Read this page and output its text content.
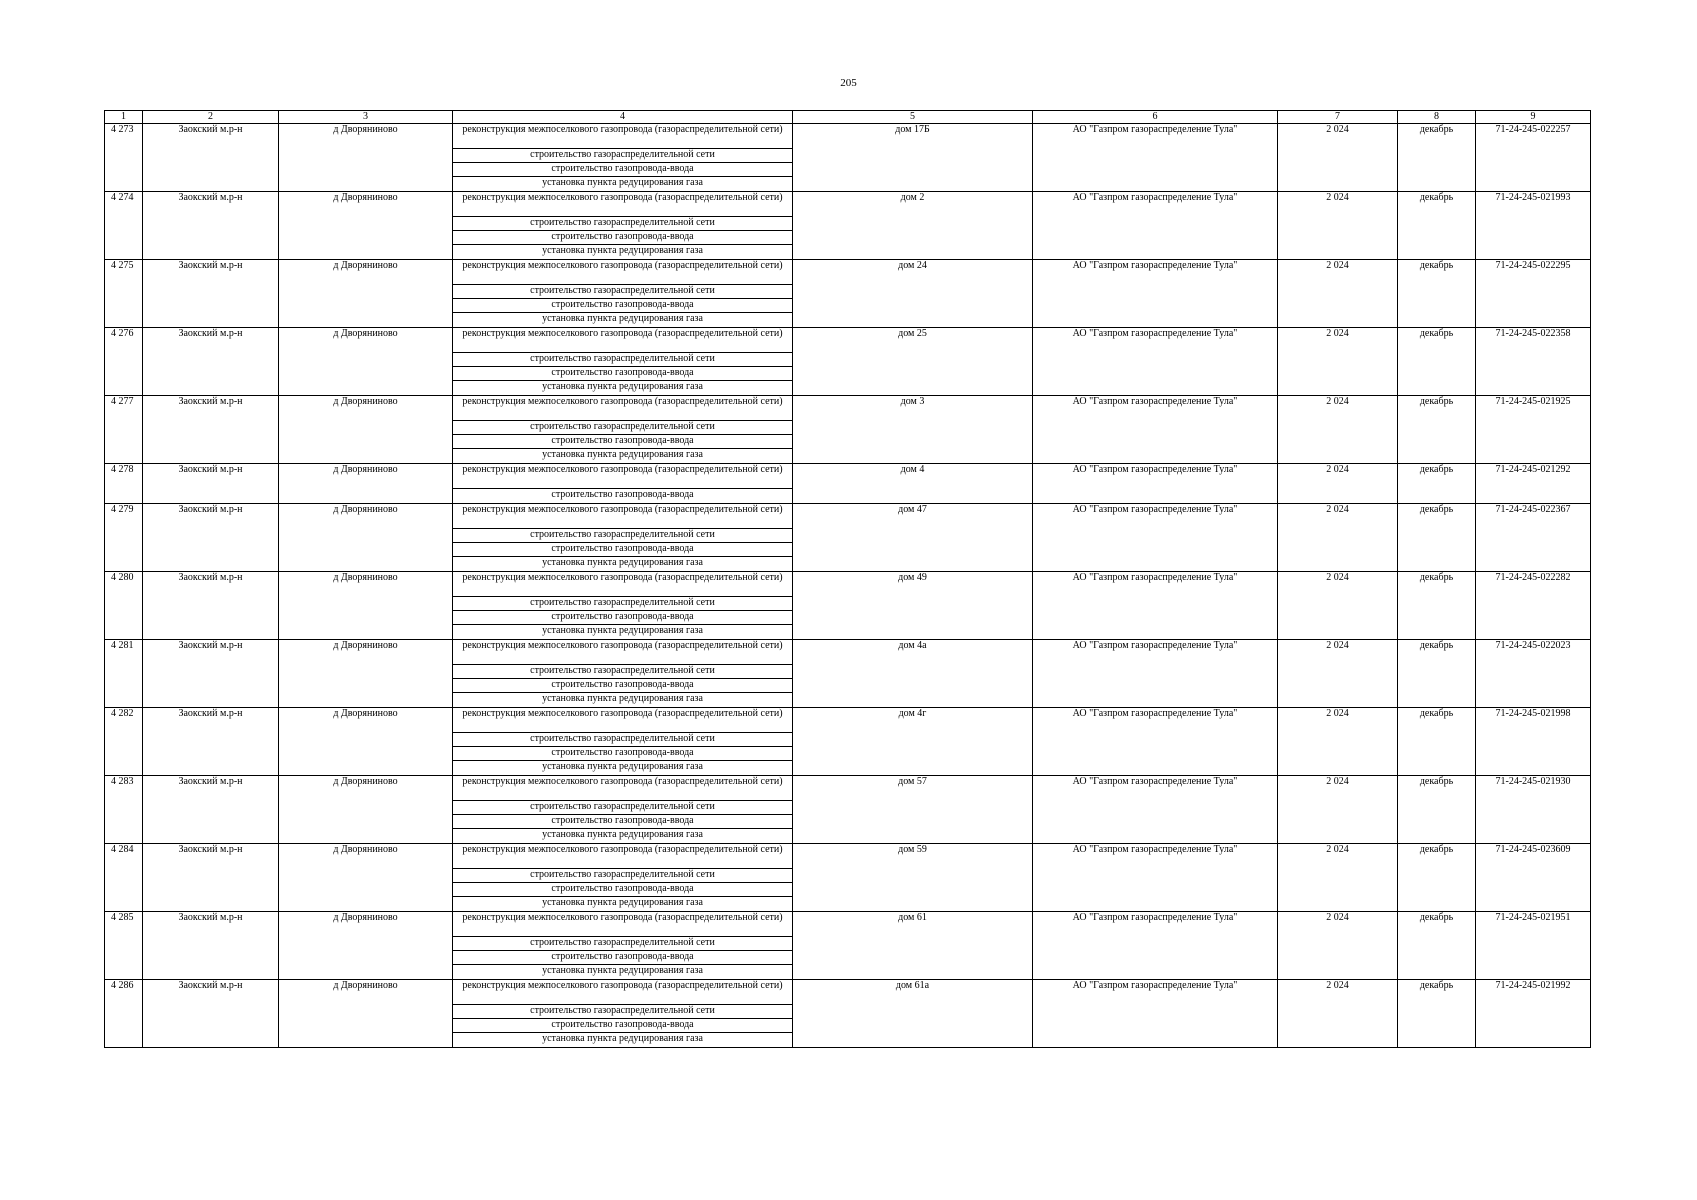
205
1	2	3	4	5	6	7	8	9
4 273	Заокский м.р-н	д Дворяниново	реконструкция межпоселкового газопровода (газораспределительной сети)
строительство газораспределительной сети
строительство газопровода-ввода
установка пункта редуцирования газа	дом 17Б	АО "Газпром газораспределение Тула"	2 024	декабрь	71-24-245-022257
4 274	Заокский м.р-н	д Дворяниново	реконструкция межпоселкового газопровода (газораспределительной сети)
строительство газораспределительной сети
строительство газопровода-ввода
установка пункта редуцирования газа	дом 2	АО "Газпром газораспределение Тула"	2 024	декабрь	71-24-245-021993
4 275	Заокский м.р-н	д Дворяниново	реконструкция межпоселкового газопровода (газораспределительной сети)
строительство газораспределительной сети
строительство газопровода-ввода
установка пункта редуцирования газа	дом 24	АО "Газпром газораспределение Тула"	2 024	декабрь	71-24-245-022295
4 276	Заокский м.р-н	д Дворяниново	реконструкция межпоселкового газопровода (газораспределительной сети)
строительство газораспределительной сети
строительство газопровода-ввода
установка пункта редуцирования газа	дом 25	АО "Газпром газораспределение Тула"	2 024	декабрь	71-24-245-022358
4 277	Заокский м.р-н	д Дворяниново	реконструкция межпоселкового газопровода (газораспределительной сети)
строительство газораспределительной сети
строительство газопровода-ввода
установка пункта редуцирования газа	дом 3	АО "Газпром газораспределение Тула"	2 024	декабрь	71-24-245-021925
4 278	Заокский м.р-н	д Дворяниново	реконструкция межпоселкового газопровода (газораспределительной сети)
строительство газопровода-ввода	дом 4	АО "Газпром газораспределение Тула"	2 024	декабрь	71-24-245-021292
4 279	Заокский м.р-н	д Дворяниново	реконструкция межпоселкового газопровода (газораспределительной сети)
строительство газораспределительной сети
строительство газопровода-ввода
установка пункта редуцирования газа	дом 47	АО "Газпром газораспределение Тула"	2 024	декабрь	71-24-245-022367
4 280	Заокский м.р-н	д Дворяниново	реконструкция межпоселкового газопровода (газораспределительной сети)
строительство газораспределительной сети
строительство газопровода-ввода
установка пункта редуцирования газа	дом 49	АО "Газпром газораспределение Тула"	2 024	декабрь	71-24-245-022282
4 281	Заокский м.р-н	д Дворяниново	реконструкция межпоселкового газопровода (газораспределительной сети)
строительство газораспределительной сети
строительство газопровода-ввода
установка пункта редуцирования газа	дом 4а	АО "Газпром газораспределение Тула"	2 024	декабрь	71-24-245-022023
4 282	Заокский м.р-н	д Дворяниново	реконструкция межпоселкового газопровода (газораспределительной сети)
строительство газораспределительной сети
строительство газопровода-ввода
установка пункта редуцирования газа	дом 4г	АО "Газпром газораспределение Тула"	2 024	декабрь	71-24-245-021998
4 283	Заокский м.р-н	д Дворяниново	реконструкция межпоселкового газопровода (газораспределительной сети)
строительство газораспределительной сети
строительство газопровода-ввода
установка пункта редуцирования газа	дом 57	АО "Газпром газораспределение Тула"	2 024	декабрь	71-24-245-021930
4 284	Заокский м.р-н	д Дворяниново	реконструкция межпоселкового газопровода (газораспределительной сети)
строительство газораспределительной сети
строительство газопровода-ввода
установка пункта редуцирования газа	дом 59	АО "Газпром газораспределение Тула"	2 024	декабрь	71-24-245-023609
4 285	Заокский м.р-н	д Дворяниново	реконструкция межпоселкового газопровода (газораспределительной сети)
строительство газораспределительной сети
строительство газопровода-ввода
установка пункта редуцирования газа	дом 61	АО "Газпром газораспределение Тула"	2 024	декабрь	71-24-245-021951
4 286	Заокский м.р-н	д Дворяниново	реконструкция межпоселкового газопровода (газораспределительной сети)
строительство газораспределительной сети
строительство газопровода-ввода
установка пункта редуцирования газа	дом 61а	АО "Газпром газораспределение Тула"	2 024	декабрь	71-24-245-021992
